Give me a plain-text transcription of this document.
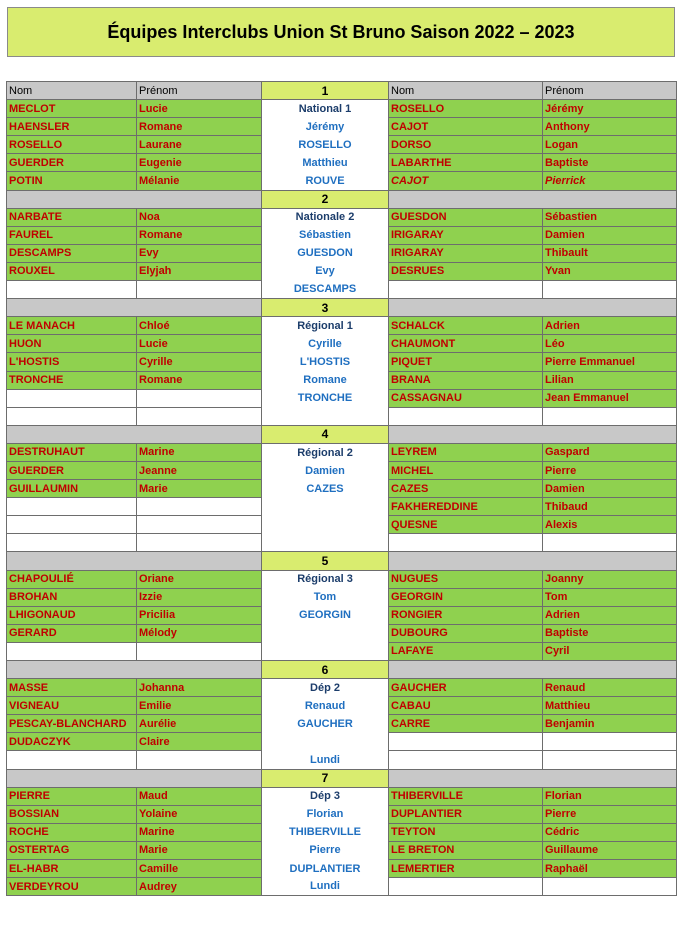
Équipes Interclubs Union St Bruno Saison 2022 – 2023
Nom	Prénom	1	Nom	Prénom
MECLOT	Lucie	National 1	ROSELLO	Jérémy
HAENSLER	Romane	Jérémy	CAJOT	Anthony
ROSELLO	Laurane	ROSELLO	DORSO	Logan
GUERDER	Eugenie	Matthieu	LABARTHE	Baptiste
POTIN	Mélanie	ROUVE	CAJOT	Pierrick
		2		
NARBATE	Noa	Nationale 2	GUESDON	Sébastien
FAUREL	Romane	Sébastien	IRIGARAY	Damien
DESCAMPS	Evy	GUESDON	IRIGARAY	Thibault
ROUXEL	Elyjah	Evy	DESRUES	Yvan
		DESCAMPS		
		3		
LE MANACH	Chloé	Régional 1	SCHALCK	Adrien
HUON	Lucie	Cyrille	CHAUMONT	Léo
L'HOSTIS	Cyrille	L'HOSTIS	PIQUET	Pierre Emmanuel
TRONCHE	Romane	Romane	BRANA	Lilian
		TRONCHE	CASSAGNAU	Jean Emmanuel

		4		
DESTRUHAUT	Marine	Régional 2	LEYREM	Gaspard
GUERDER	Jeanne	Damien	MICHEL	Pierre
GUILLAUMIN	Marie	CAZES	CAZES	Damien
			FAKHEREDDINE	Thibaud
			QUESNE	Alexis

		5		
CHAPOULIÉ	Oriane	Régional 3	NUGUES	Joanny
BROHAN	Izzie	Tom	GEORGIN	Tom
LHIGONAUD	Pricilia	GEORGIN	RONGIER	Adrien
GERARD	Mélody		DUBOURG	Baptiste
			LAFAYE	Cyril
		6		
MASSE	Johanna	Dép 2	GAUCHER	Renaud
VIGNEAU	Emilie	Renaud	CABAU	Matthieu
PESCAY-BLANCHARD	Aurélie	GAUCHER	CARRE	Benjamin
DUDACZYK	Claire			
		Lundi		
		7		
PIERRE	Maud	Dép 3	THIBERVILLE	Florian
BOSSIAN	Yolaine	Florian	DUPLANTIER	Pierre
ROCHE	Marine	THIBERVILLE	TEYTON	Cédric
OSTERTAG	Marie	Pierre	LE BRETON	Guillaume
EL-HABR	Camille	DUPLANTIER	LEMERTIER	Raphaël
VERDEYROU	Audrey	Lundi		
